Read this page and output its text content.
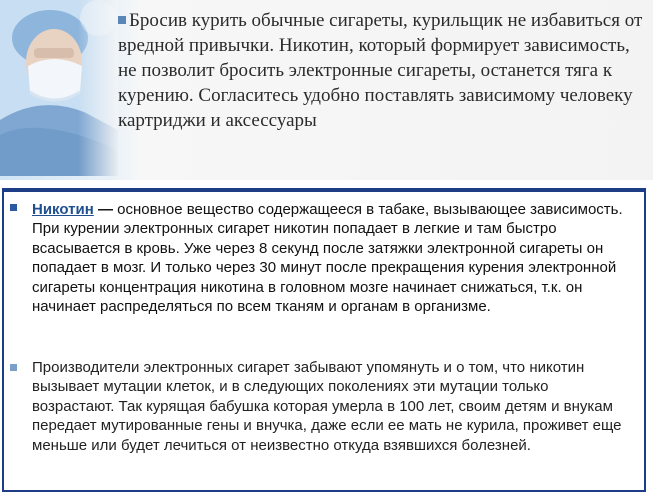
Бросив курить обычные сигареты, курильщик не избавиться от вредной привычки. Никотин, который формирует зависимость, не позволит бросить электронные сигареты, останется тяга к курению. Согласитесь удобно поставлять зависимому человеку картриджи и аксессуары
Никотин — основное вещество содержащееся в табаке, вызывающее зависимость. При курении электронных сигарет никотин попадает в легкие и там быстро всасывается в кровь. Уже через 8 секунд после затяжки электронной сигареты он попадает в мозг. И только через 30 минут после прекращения курения электронной сигареты концентрация никотина в головном мозге начинает снижаться, т.к. он начинает распределяться по всем тканям и органам в организме.
Производители электронных сигарет забывают упомянуть и о том, что никотин вызывает мутации клеток, и в следующих поколениях эти мутации только возрастают. Так курящая бабушка которая умерла в 100 лет, своим детям и внукам передает мутированные гены и внучка, даже если ее мать не курила, проживет еще меньше или будет лечиться от неизвестно откуда взявшихся болезней.
